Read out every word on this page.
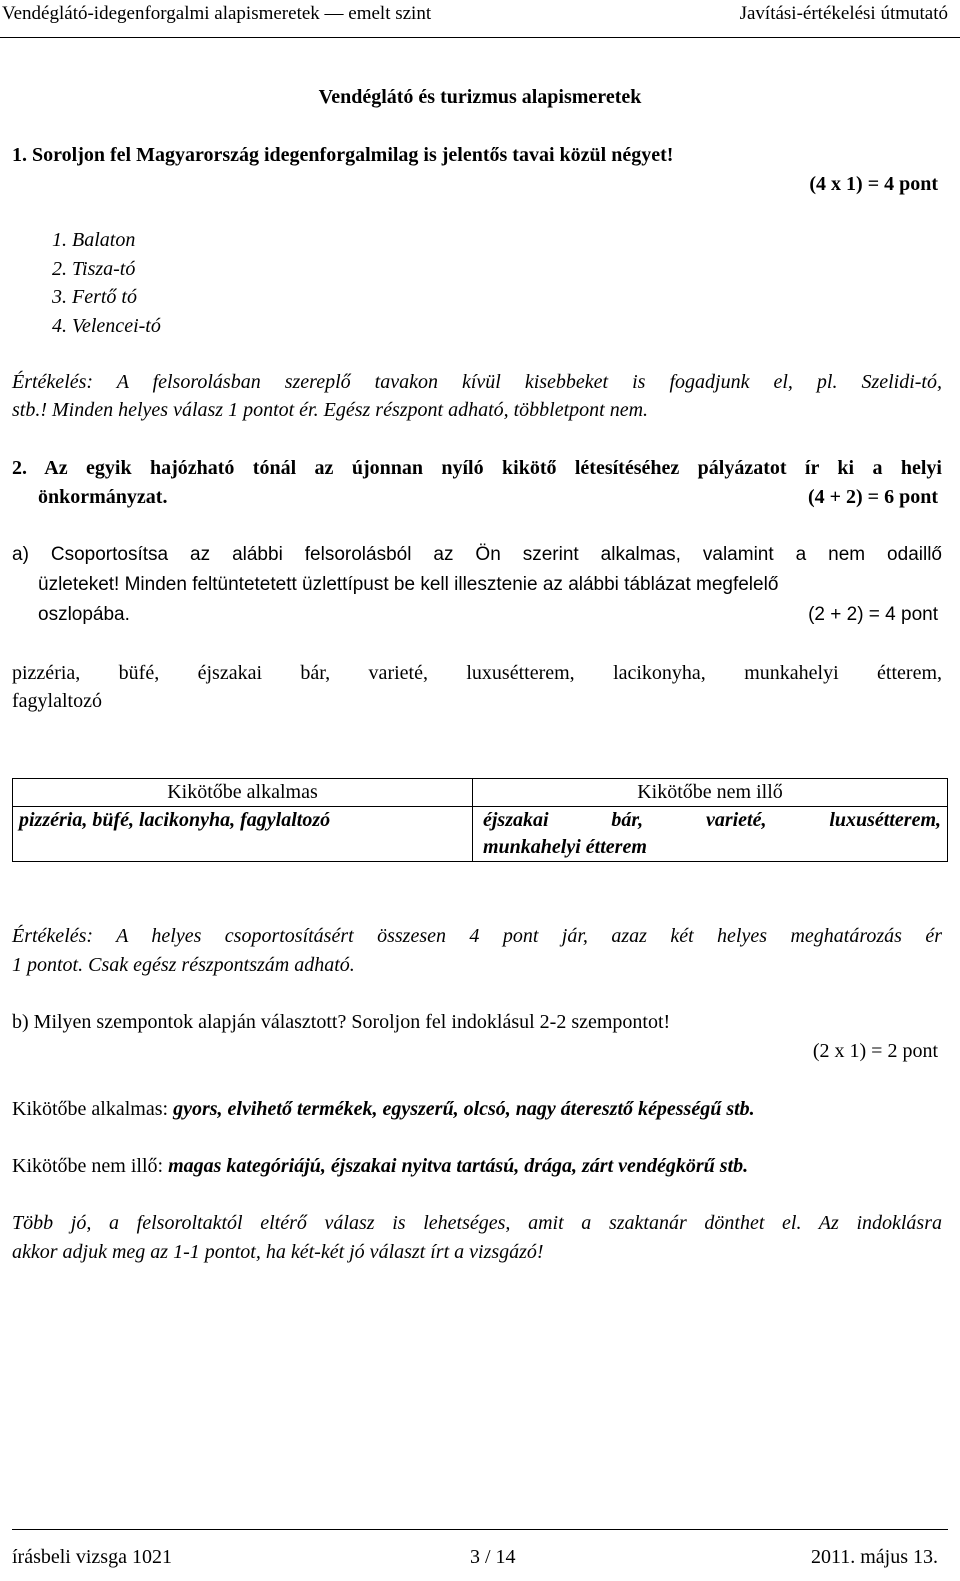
Vendéglátó-idegenforgalmi alapismeretek — emelt szint	Javítási-értékelési útmutató
Vendéglátó és turizmus alapismeretek
1. Soroljon fel Magyarország idegenforgalmilag is jelentős tavai közül négyet!
(4 x 1) = 4 pont
1. Balaton
2. Tisza-tó
3. Fertő tó
4. Velencei-tó
Értékelés: A felsorolásban szereplő tavakon kívül kisebbeket is fogadjunk el, pl. Szelidi-tó,
stb.! Minden helyes válasz 1 pontot ér. Egész részpont adható, többletpont nem.
2. Az egyik hajózható tónál az újonnan nyíló kikötő létesítéséhez pályázatot ír ki a helyi
önkormányzat.	(4 + 2) = 6 pont
a) Csoportosítsa az alábbi felsorolásból az Ön szerint alkalmas, valamint a nem odaillő
üzleteket! Minden feltüntetetett üzlettípust be kell illesztenie az alábbi táblázat megfelelő
oszlopába.	(2 + 2) = 4 pont
pizzéria, büfé, éjszakai bár, varieté, luxusétterem, lacikonyha, munkahelyi étterem,
fagylaltozó
Kikötőbe alkalmas	Kikötőbe nem illő
pizzéria, büfé, lacikonyha, fagylaltozó	éjszakai bár, varieté, luxusétterem,
munkahelyi étterem
Értékelés: A helyes csoportosításért összesen 4 pont jár, azaz két helyes meghatározás ér
1 pontot. Csak egész részpontszám adható.
b) Milyen szempontok alapján választott? Soroljon fel indoklásul 2-2 szempontot!
(2 x 1) = 2 pont
Kikötőbe alkalmas: gyors, elvihető termékek, egyszerű, olcsó, nagy áteresztő képességű stb.
Kikötőbe nem illő: magas kategóriájú, éjszakai nyitva tartású, drága, zárt vendégkörű stb.
Több jó, a felsoroltaktól eltérő válasz is lehetséges, amit a szaktanár dönthet el. Az indoklásra
akkor adjuk meg az 1-1 pontot, ha két-két jó választ írt a vizsgázó!
írásbeli vizsga 1021	3 / 14	2011. május 13.
